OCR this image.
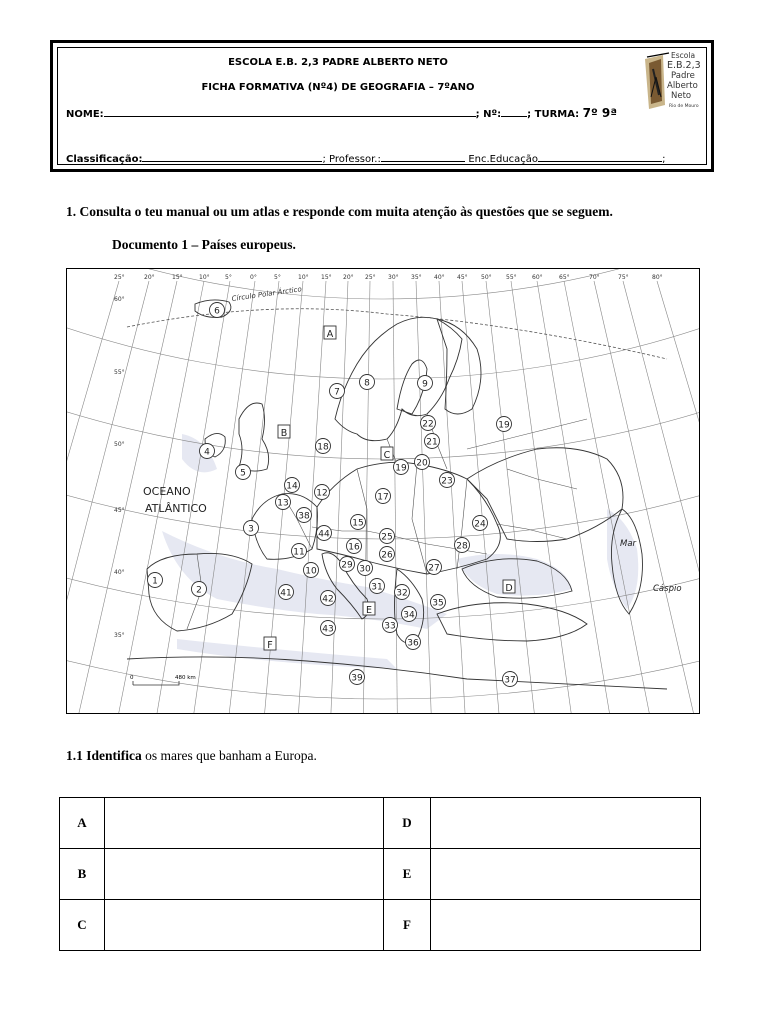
ESCOLA E.B. 2,3 PADRE ALBERTO NETO
FICHA FORMATIVA (Nº4) DE GEOGRAFIA – 7ºANO
NOME:	; Nº:	; TURMA: 7º 9ª
Classificação:	; Professor.:	Enc.Educação	;
Escola
E.B.2,3
Padre
Alberto
Neto
Rio de Mouro
1. Consulta o teu manual ou um atlas e responde com muita atenção às questões que se seguem.
Documento 1 – Países europeus.
Círculo Polar Árctico
25°	20°	15°	10°	5°	0°	5°	10° 15° 20° 25° 30° 35° 40° 45° 50° 55°	60°	65°	70°	75°	80°
60°
55°
50°
45°
40°
35°
OCEANO
ATLÂNTICO
Mar
Cáspio
0	480 km
A
B
C
D
E
F
1
2
3
4
5
6
7
8	9
10
11
12
13
14
15
16
17
18
19
19 20
21
22
23
24
25
26
27
28
29 30
31
32
33
34
35
36
37
38
39
41
42
43
44
1.1 Identifica os mares que banham a Europa.
A		D	
B		E	
C		F	
